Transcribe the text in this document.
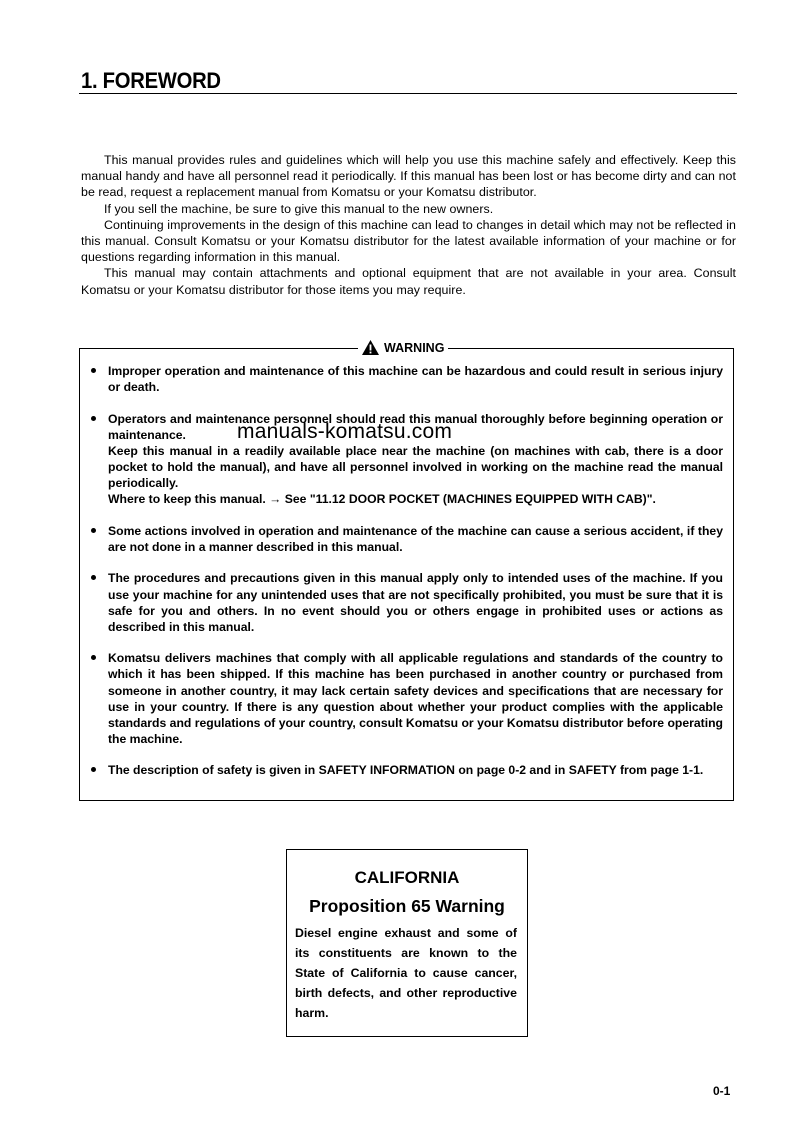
1. FOREWORD

This manual provides rules and guidelines which will help you use this machine safely and effectively. Keep this manual handy and have all personnel read it periodically. If this manual has been lost or has become dirty and can not be read, request a replacement manual from Komatsu or your Komatsu distributor.

If you sell the machine, be sure to give this manual to the new owners.

Continuing improvements in the design of this machine can lead to changes in detail which may not be reflected in this manual. Consult Komatsu or your Komatsu distributor for the latest available information of your machine or for questions regarding information in this manual.

This manual may contain attachments and optional equipment that are not available in your area. Consult Komatsu or your Komatsu distributor for those items you may require.

WARNING

Improper operation and maintenance of this machine can be hazardous and could result in serious injury or death.

Operators and maintenance personnel should read this manual thoroughly before beginning operation or maintenance.

Keep this manual in a readily available place near the machine (on machines with cab, there is a door pocket to hold the manual), and have all personnel involved in working on the machine read the manual periodically.

Where to keep this manual. → See "11.12 DOOR POCKET (MACHINES EQUIPPED WITH CAB)".

Some actions involved in operation and maintenance of the machine can cause a serious accident, if they are not done in a manner described in this manual.

The procedures and precautions given in this manual apply only to intended uses of the machine. If you use your machine for any unintended uses that are not specifically prohibited, you must be sure that it is safe for you and others. In no event should you or others engage in prohibited uses or actions as described in this manual.

Komatsu delivers machines that comply with all applicable regulations and standards of the country to which it has been shipped. If this machine has been purchased in another country or purchased from someone in another country, it may lack certain safety devices and specifications that are necessary for use in your country. If there is any question about whether your product complies with the applicable standards and regulations of your country, consult Komatsu or your Komatsu distributor before operating the machine.

The description of safety is given in SAFETY INFORMATION on page 0-2 and in SAFETY from page 1-1.

manuals-komatsu.com
CALIFORNIA
Proposition 65 Warning
Diesel engine exhaust and some of its constituents are known to the State of California to cause cancer, birth defects, and other reproductive harm.
0-1
